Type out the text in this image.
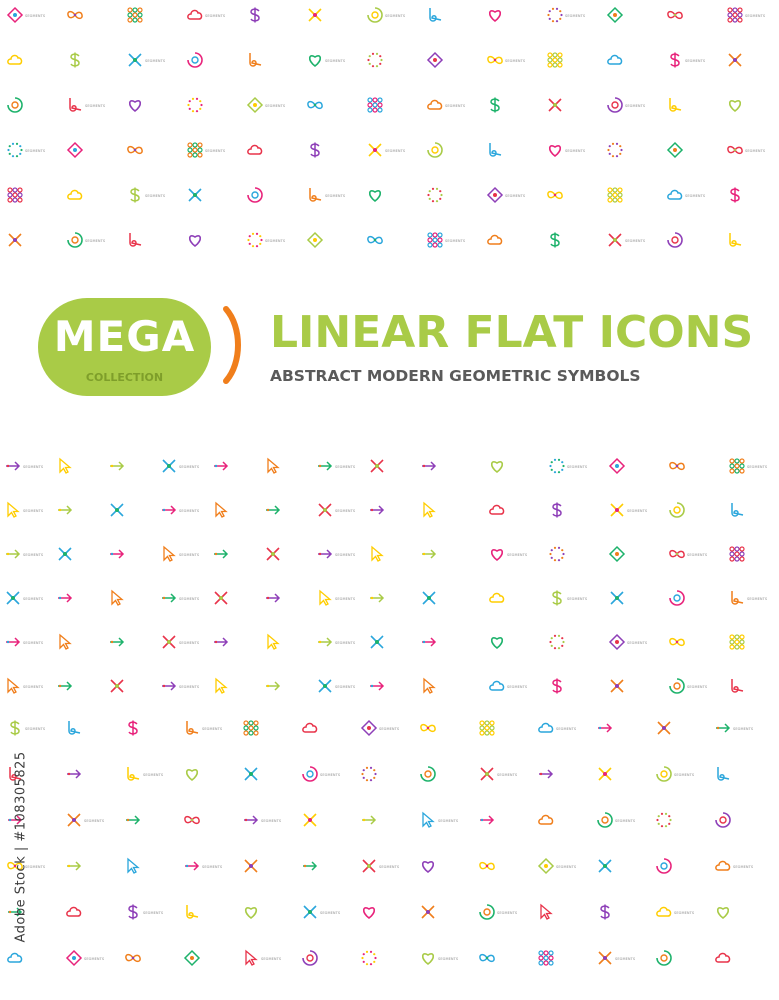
SEGMENTS	SEGMENTS	SEGMENTS	SEGMENTS	SEGMENTS
SEGMENTS	SEGMENTS	SEGMENTS	SEGMENTS
SEGMENTS	SEGMENTS	SEGMENTS	SEGMENTS
SEGMENTS	SEGMENTS	SEGMENTS	SEGMENTS	SEGMENTS
SEGMENTS	SEGMENTS	SEGMENTS	SEGMENTS
SEGMENTS	SEGMENTS	SEGMENTS	SEGMENTS
SEGMENTS	SEGMENTS	SEGMENTS
SEGMENTS	SEGMENTS	SEGMENTS
SEGMENTS	SEGMENTS	SEGMENTS
SEGMENTS	SEGMENTS	SEGMENTS
SEGMENTS	SEGMENTS	SEGMENTS
SEGMENTS	SEGMENTS	SEGMENTS
SEGMENTS	SEGMENTS
SEGMENTS
SEGMENTS	SEGMENTS
SEGMENTS	SEGMENTS
SEGMENTS
SEGMENTS	SEGMENTS
SEGMENTS	SEGMENTS	SEGMENTS	SEGMENTS	SEGMENTS
SEGMENTS	SEGMENTS	SEGMENTS	SEGMENTS
SEGMENTS	SEGMENTS	SEGMENTS	SEGMENTS
SEGMENTS	SEGMENTS	SEGMENTS	SEGMENTS	SEGMENTS
SEGMENTS	SEGMENTS	SEGMENTS	SEGMENTS
SEGMENTS	SEGMENTS	SEGMENTS	SEGMENTS
MEGA
COLLECTION
LINEAR FLAT ICONS
ABSTRACT MODERN GEOMETRIC SYMBOLS
Adobe Stock | #108305825
